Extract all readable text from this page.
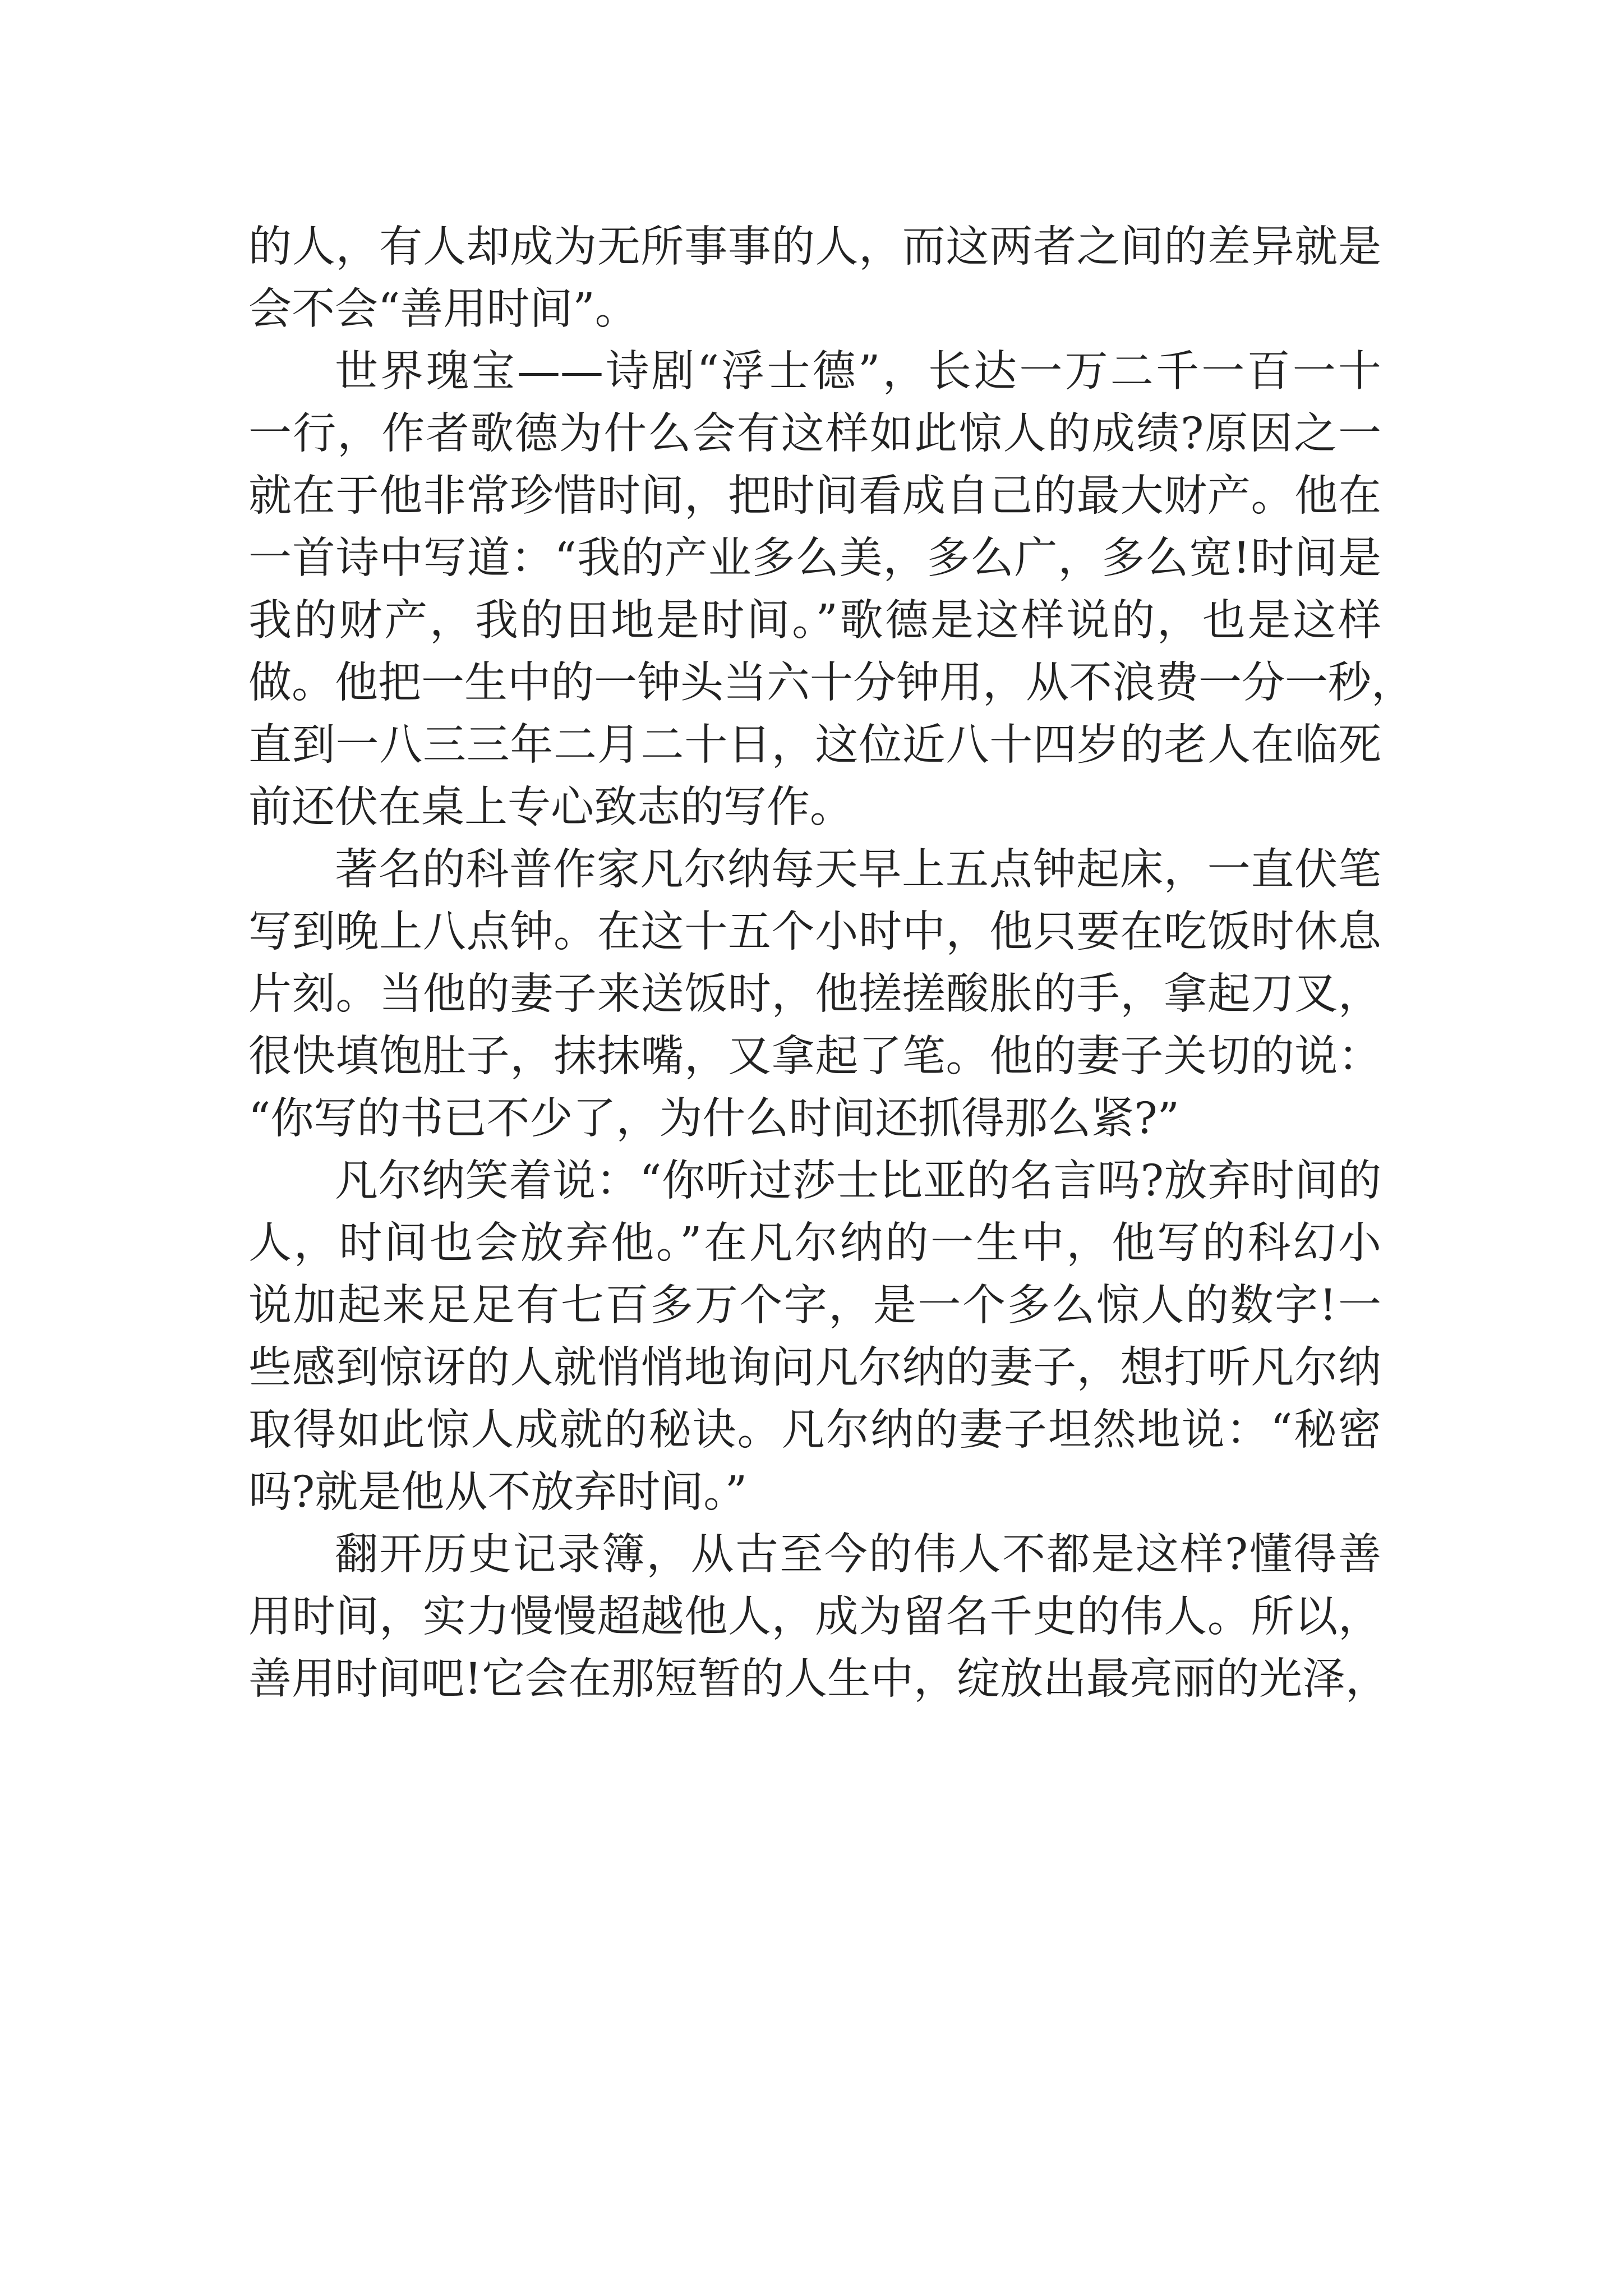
的人，有人却成为无所事事的人，而这两者之间的差异就是
会不会“善用时间”。
世界瑰宝——诗剧“浮士德”，长达一万二千一百一十
一行，作者歌德为什么会有这样如此惊人的成绩?原因之一
就在于他非常珍惜时间，把时间看成自己的最大财产。他在
一首诗中写道：“我的产业多么美，多么广，多么宽!时间是
我的财产，我的田地是时间。”歌德是这样说的，也是这样
做。他把一生中的一钟头当六十分钟用，从不浪费一分一秒，
直到一八三三年二月二十日，这位近八十四岁的老人在临死
前还伏在桌上专心致志的写作。
著名的科普作家凡尔纳每天早上五点钟起床，一直伏笔
写到晚上八点钟。在这十五个小时中，他只要在吃饭时休息
片刻。当他的妻子来送饭时，他搓搓酸胀的手，拿起刀叉，
很快填饱肚子，抹抹嘴，又拿起了笔。他的妻子关切的说：
“你写的书已不少了，为什么时间还抓得那么紧?”
凡尔纳笑着说：“你听过莎士比亚的名言吗?放弃时间的
人，时间也会放弃他。”在凡尔纳的一生中，他写的科幻小
说加起来足足有七百多万个字，是一个多么惊人的数字!一
些感到惊讶的人就悄悄地询问凡尔纳的妻子，想打听凡尔纳
取得如此惊人成就的秘诀。凡尔纳的妻子坦然地说：“秘密
吗?就是他从不放弃时间。”
翻开历史记录簿，从古至今的伟人不都是这样?懂得善
用时间，实力慢慢超越他人，成为留名千史的伟人。所以，
善用时间吧!它会在那短暂的人生中，绽放出最亮丽的光泽，
